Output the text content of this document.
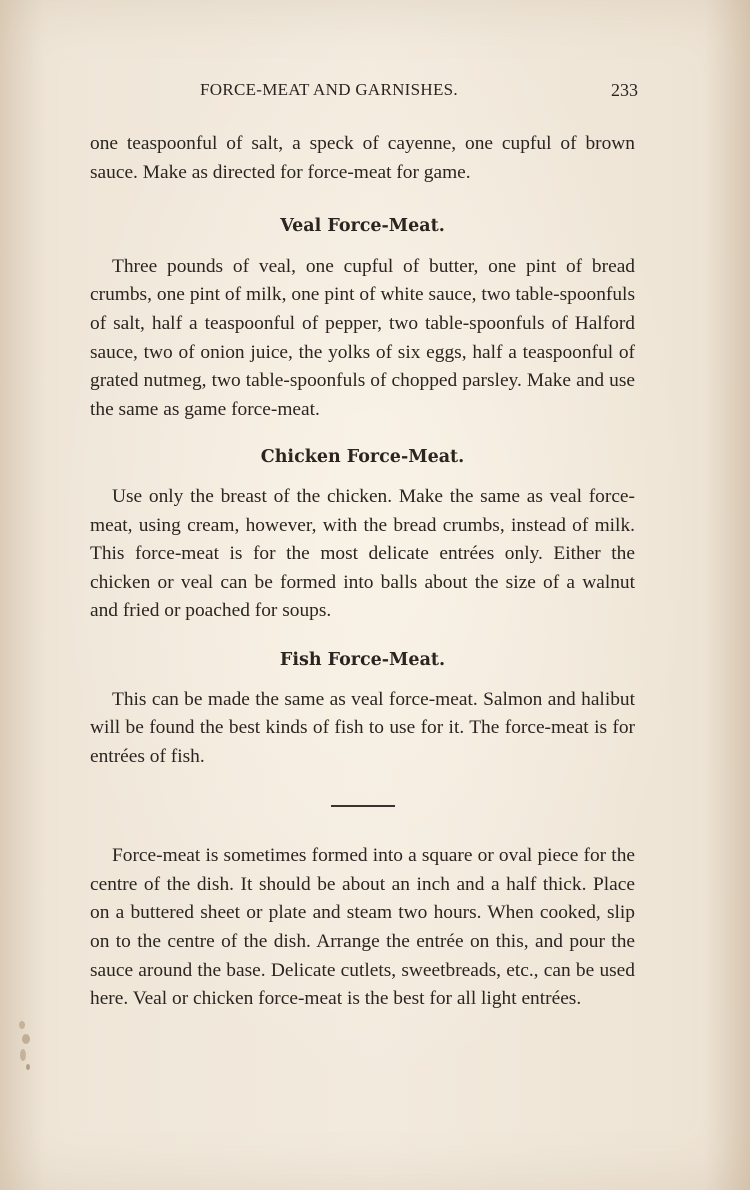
FORCE-MEAT AND GARNISHES.	233

one teaspoonful of salt, a speck of cayenne, one cupful of brown sauce. Make as directed for force-meat for game.

Veal Force-Meat.

Three pounds of veal, one cupful of butter, one pint of bread crumbs, one pint of milk, one pint of white sauce, two table-spoonfuls of salt, half a teaspoonful of pepper, two table-spoonfuls of Halford sauce, two of onion juice, the yolks of six eggs, half a teaspoonful of grated nutmeg, two table-spoonfuls of chopped parsley. Make and use the same as game force-meat.

Chicken Force-Meat.

Use only the breast of the chicken. Make the same as veal force-meat, using cream, however, with the bread crumbs, instead of milk. This force-meat is for the most delicate entrées only. Either the chicken or veal can be formed into balls about the size of a walnut and fried or poached for soups.

Fish Force-Meat.

This can be made the same as veal force-meat. Salmon and halibut will be found the best kinds of fish to use for it. The force-meat is for entrées of fish.

Force-meat is sometimes formed into a square or oval piece for the centre of the dish. It should be about an inch and a half thick. Place on a buttered sheet or plate and steam two hours. When cooked, slip on to the centre of the dish. Arrange the entrée on this, and pour the sauce around the base. Delicate cutlets, sweetbreads, etc., can be used here. Veal or chicken force-meat is the best for all light entrées.
